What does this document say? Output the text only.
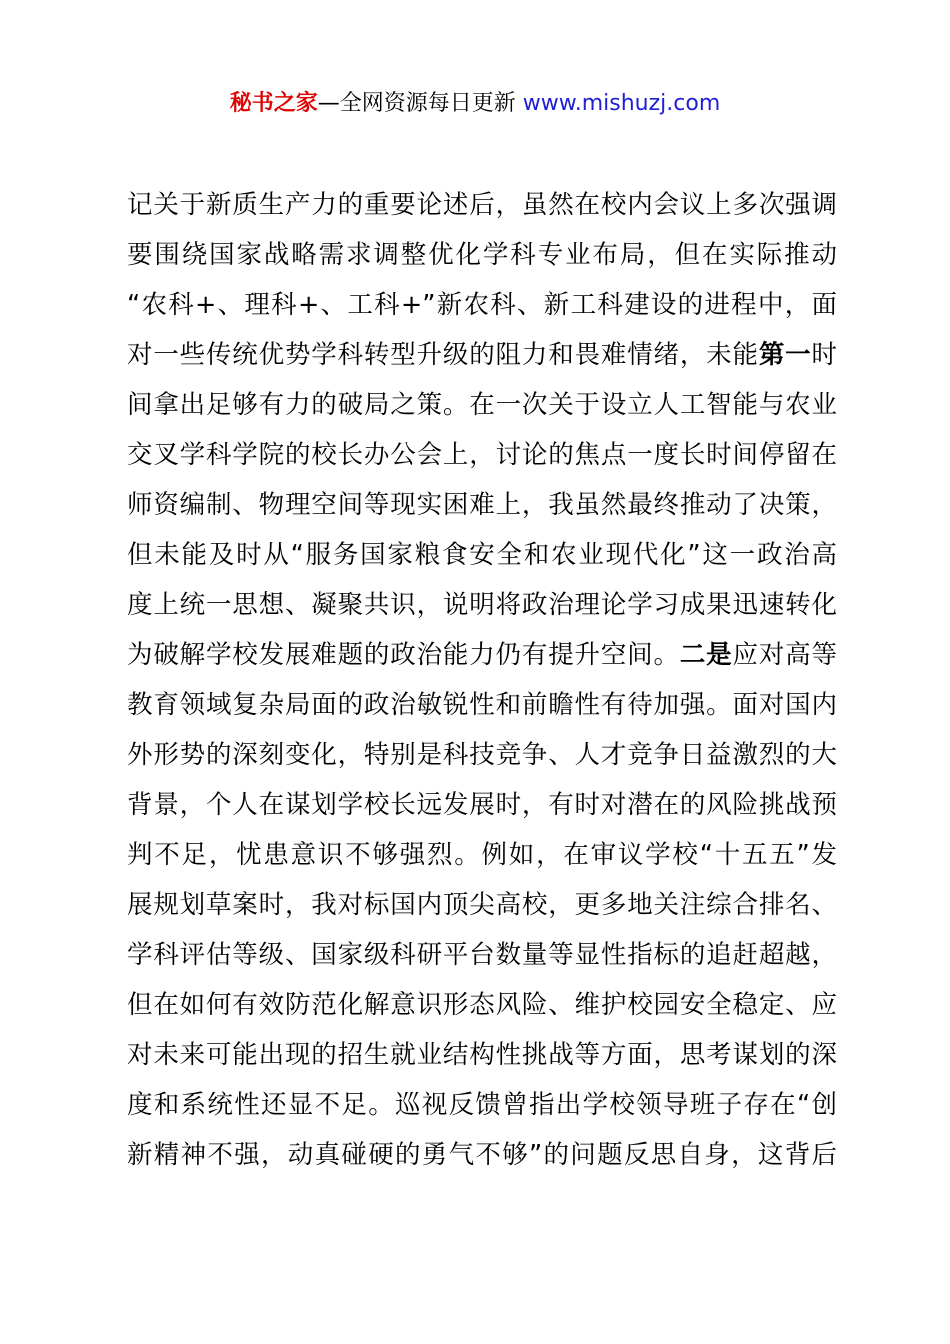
秘书之家—全网资源每日更新 www.mishuzj.com
记关于新质生产力的重要论述后，虽然在校内会议上多次强调
要围绕国家战略需求调整优化学科专业布局，但在实际推动
“农科+、理科+、工科+”新农科、新工科建设的进程中，面
对一些传统优势学科转型升级的阻力和畏难情绪，未能第一时
间拿出足够有力的破局之策。在一次关于设立人工智能与农业
交叉学科学院的校长办公会上，讨论的焦点一度长时间停留在
师资编制、物理空间等现实困难上，我虽然最终推动了决策，
但未能及时从“服务国家粮食安全和农业现代化”这一政治高
度上统一思想、凝聚共识，说明将政治理论学习成果迅速转化
为破解学校发展难题的政治能力仍有提升空间。二是应对高等
教育领域复杂局面的政治敏锐性和前瞻性有待加强。面对国内
外形势的深刻变化，特别是科技竞争、人才竞争日益激烈的大
背景，个人在谋划学校长远发展时，有时对潜在的风险挑战预
判不足，忧患意识不够强烈。例如，在审议学校“十五五”发
展规划草案时，我对标国内顶尖高校，更多地关注综合排名、
学科评估等级、国家级科研平台数量等显性指标的追赶超越，
但在如何有效防范化解意识形态风险、维护校园安全稳定、应
对未来可能出现的招生就业结构性挑战等方面，思考谋划的深
度和系统性还显不足。巡视反馈曾指出学校领导班子存在“创
新精神不强，动真碰硬的勇气不够”的问题反思自身，这背后
